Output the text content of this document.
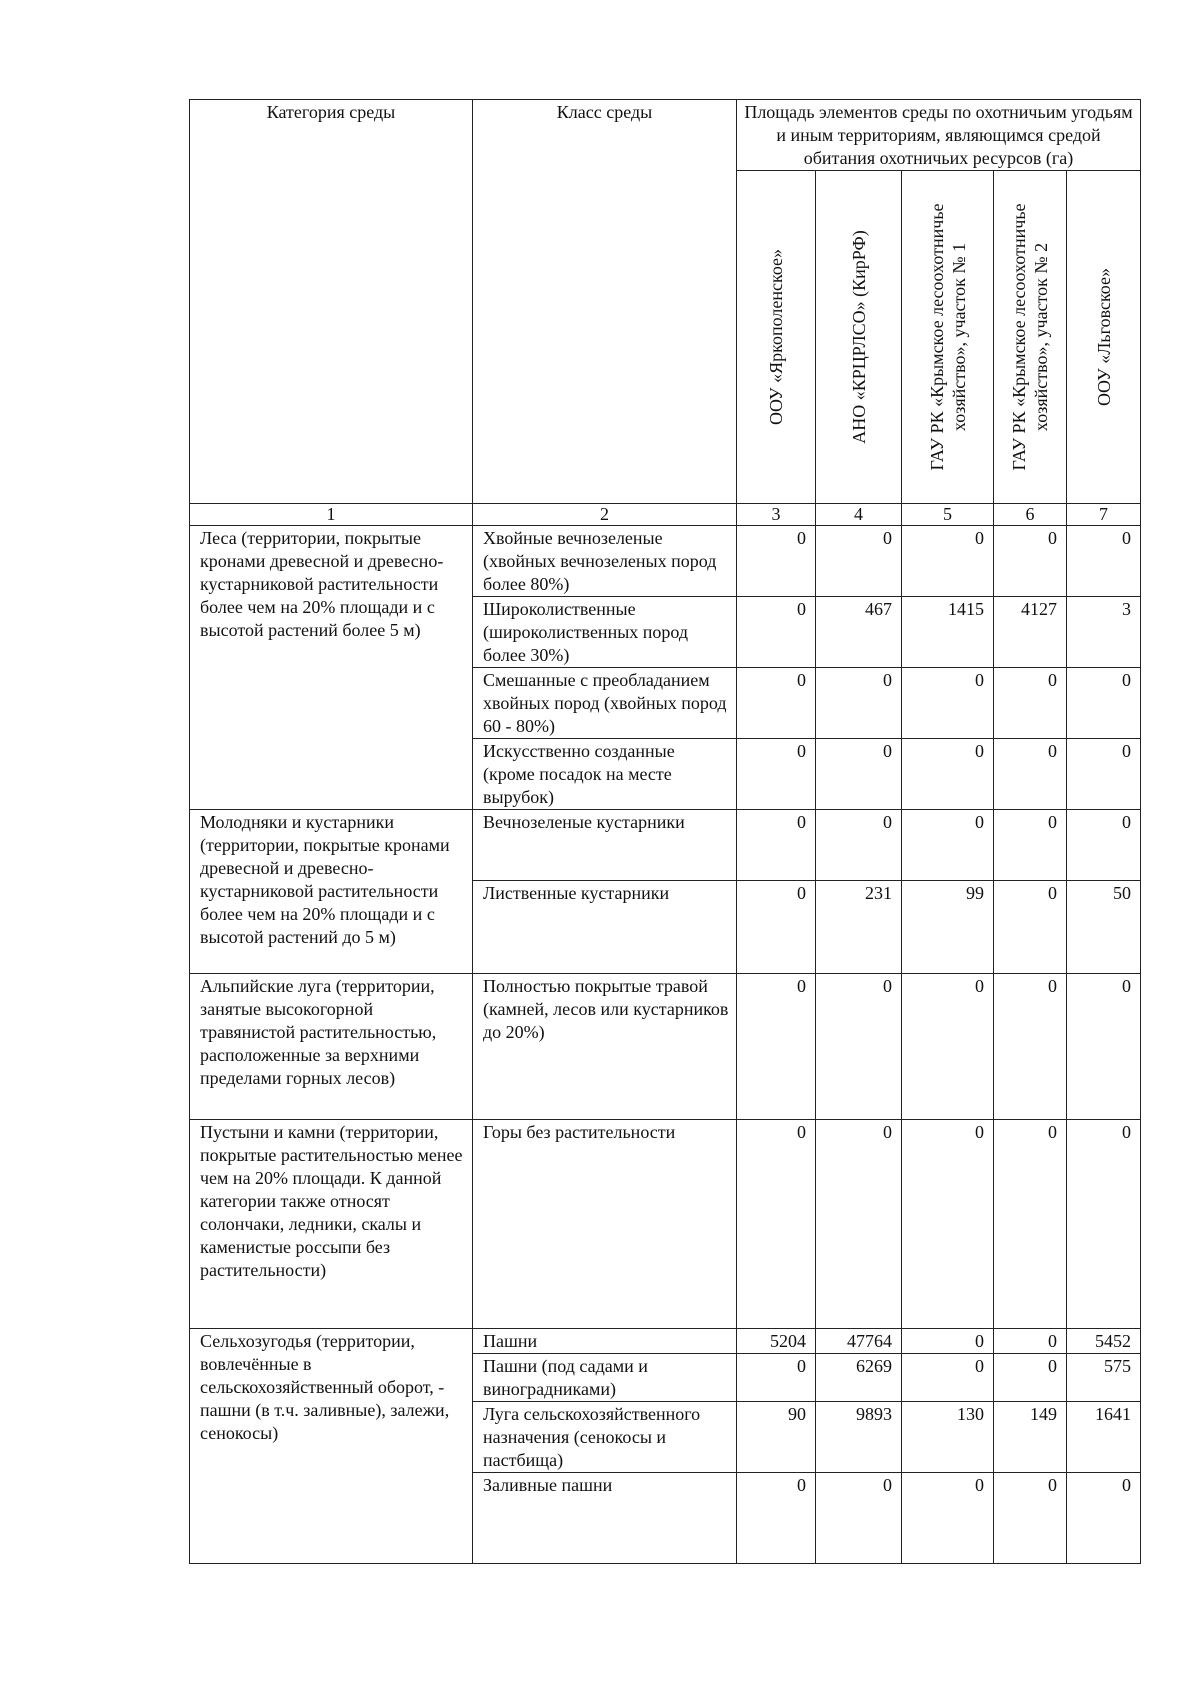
Категория среды	Класс среды	Площадь элементов среды по охотничьим угодьям и иным территориям, являющимся средой обитания охотничьих ресурсов (га)				

		ООУ «Яркополенское»	АНО «КРЦРЛСО» (КирРФ)	ГАУ РК «Крымское лесоохотничье хозяйство», участок № 1	ГАУ РК «Крымское лесоохотничье хозяйство», участок № 2	ООУ «Льговское»

1	2	3	4	5	6	7

Леса (территории, покрытые кронами древесной и древесно-кустарниковой растительности более чем на 20% площади и с высотой растений более 5 м)	Хвойные вечнозеленые (хвойных вечнозеленых пород более 80%)	0	0	0	0	0

	Широколиственные (широколиственных пород более 30%)	0	467	1415	4127	3

	Смешанные с преобладанием хвойных пород (хвойных пород 60 - 80%)	0	0	0	0	0

	Искусственно созданные (кроме посадок на месте вырубок)	0	0	0	0	0

Молодняки и кустарники (территории, покрытые кронами древесной и древесно-кустарниковой растительности более чем на 20% площади и с высотой растений до 5 м)	Вечнозеленые кустарники	0	0	0	0	0

	Лиственные кустарники	0	231	99	0	50

Альпийские луга (территории, занятые высокогорной травянистой растительностью, расположенные за верхними пределами горных лесов)	Полностью покрытые травой (камней, лесов или кустарников до 20%)	0	0	0	0	0

Пустыни и камни (территории, покрытые растительностью менее чем на 20% площади. К данной категории также относят солончаки, ледники, скалы и каменистые россыпи без растительности)	Горы без растительности	0	0	0	0	0

Сельхозугодья (территории, вовлечённые в сельскохозяйственный оборот, - пашни (в т.ч. заливные), залежи, сенокосы)	Пашни	5204	47764	0	0	5452

	Пашни (под садами и виноградниками)	0	6269	0	0	575

	Луга сельскохозяйственного назначения (сенокосы и пастбища)	90	9893	130	149	1641

	Заливные пашни	0	0	0	0	0
